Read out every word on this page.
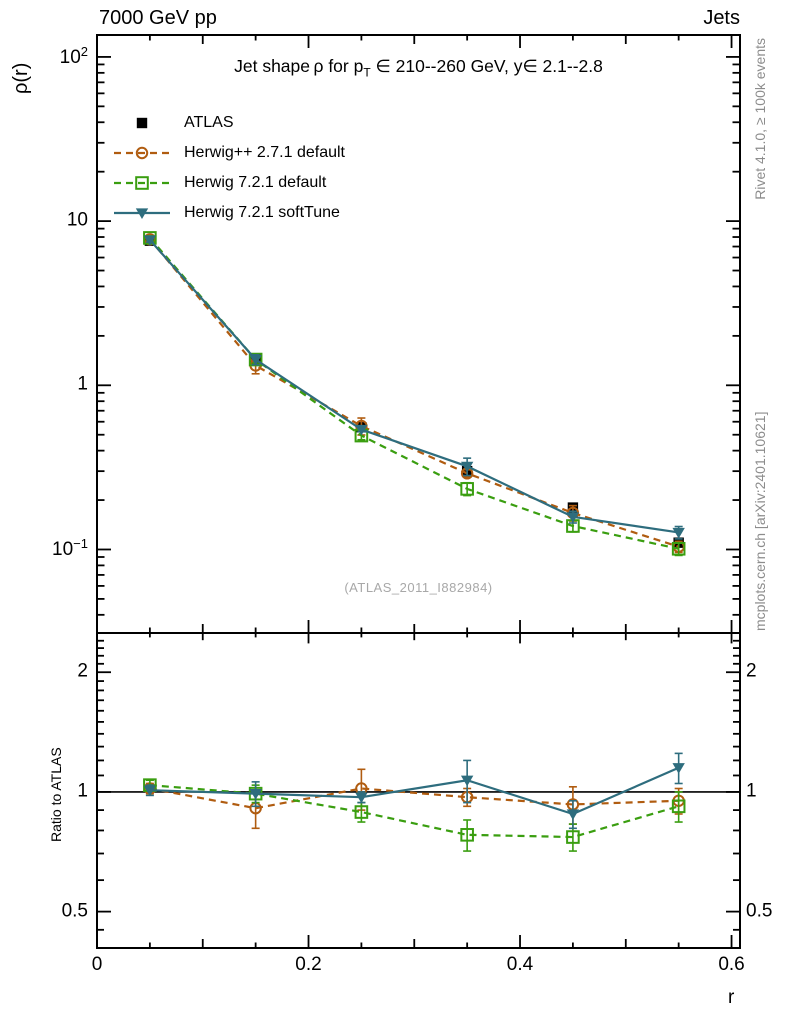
7000 GeV pp	Jets
ρ(r)
Ratio to ATLAS
Rivet 4.1.0, ≥ 100k events
mcplots.cern.ch [arXiv:2401.10621]
Jet shape ρ for $p_T$ ∈ 210--260 GeV, y∈ 2.1--2.8
(ATLAS_2011_I882984)
ATLAS
Herwig++ 2.7.1 default
Herwig 7.2.1 default
Herwig 7.2.1 softTune
$10^2$
10
1
$10^{-1}$
2	2
1	1
0.5	0.5
0	0.2	0.4	0.6
r
